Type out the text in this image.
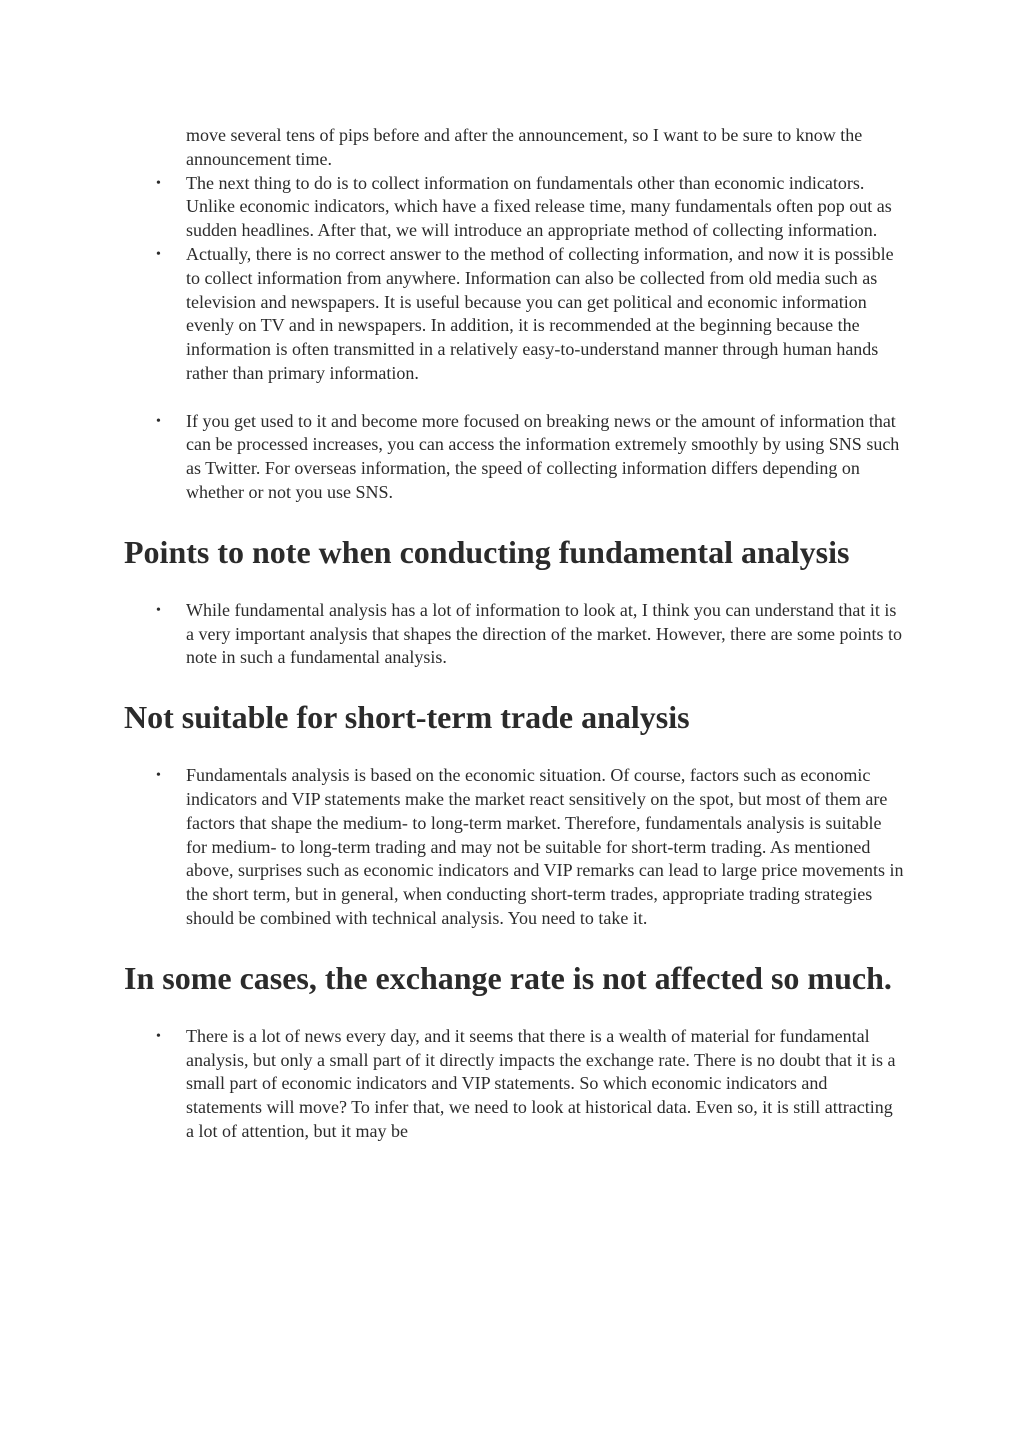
move several tens of pips before and after the announcement, so I want to be sure to know the announcement time.

• The next thing to do is to collect information on fundamentals other than economic indicators. Unlike economic indicators, which have a fixed release time, many fundamentals often pop out as sudden headlines. After that, we will introduce an appropriate method of collecting information.
• Actually, there is no correct answer to the method of collecting information, and now it is possible to collect information from anywhere. Information can also be collected from old media such as television and newspapers. It is useful because you can get political and economic information evenly on TV and in newspapers. In addition, it is recommended at the beginning because the information is often transmitted in a relatively easy-to-understand manner through human hands rather than primary information.
• If you get used to it and become more focused on breaking news or the amount of information that can be processed increases, you can access the information extremely smoothly by using SNS such as Twitter. For overseas information, the speed of collecting information differs depending on whether or not you use SNS.
Points to note when conducting fundamental analysis
• While fundamental analysis has a lot of information to look at, I think you can understand that it is a very important analysis that shapes the direction of the market. However, there are some points to note in such a fundamental analysis.
Not suitable for short-term trade analysis
• Fundamentals analysis is based on the economic situation. Of course, factors such as economic indicators and VIP statements make the market react sensitively on the spot, but most of them are factors that shape the medium- to long-term market. Therefore, fundamentals analysis is suitable for medium- to long-term trading and may not be suitable for short-term trading. As mentioned above, surprises such as economic indicators and VIP remarks can lead to large price movements in the short term, but in general, when conducting short-term trades, appropriate trading strategies should be combined with technical analysis. You need to take it.
In some cases, the exchange rate is not affected so much.
• There is a lot of news every day, and it seems that there is a wealth of material for fundamental analysis, but only a small part of it directly impacts the exchange rate. There is no doubt that it is a small part of economic indicators and VIP statements. So which economic indicators and statements will move? To infer that, we need to look at historical data. Even so, it is still attracting a lot of attention, but it may be
